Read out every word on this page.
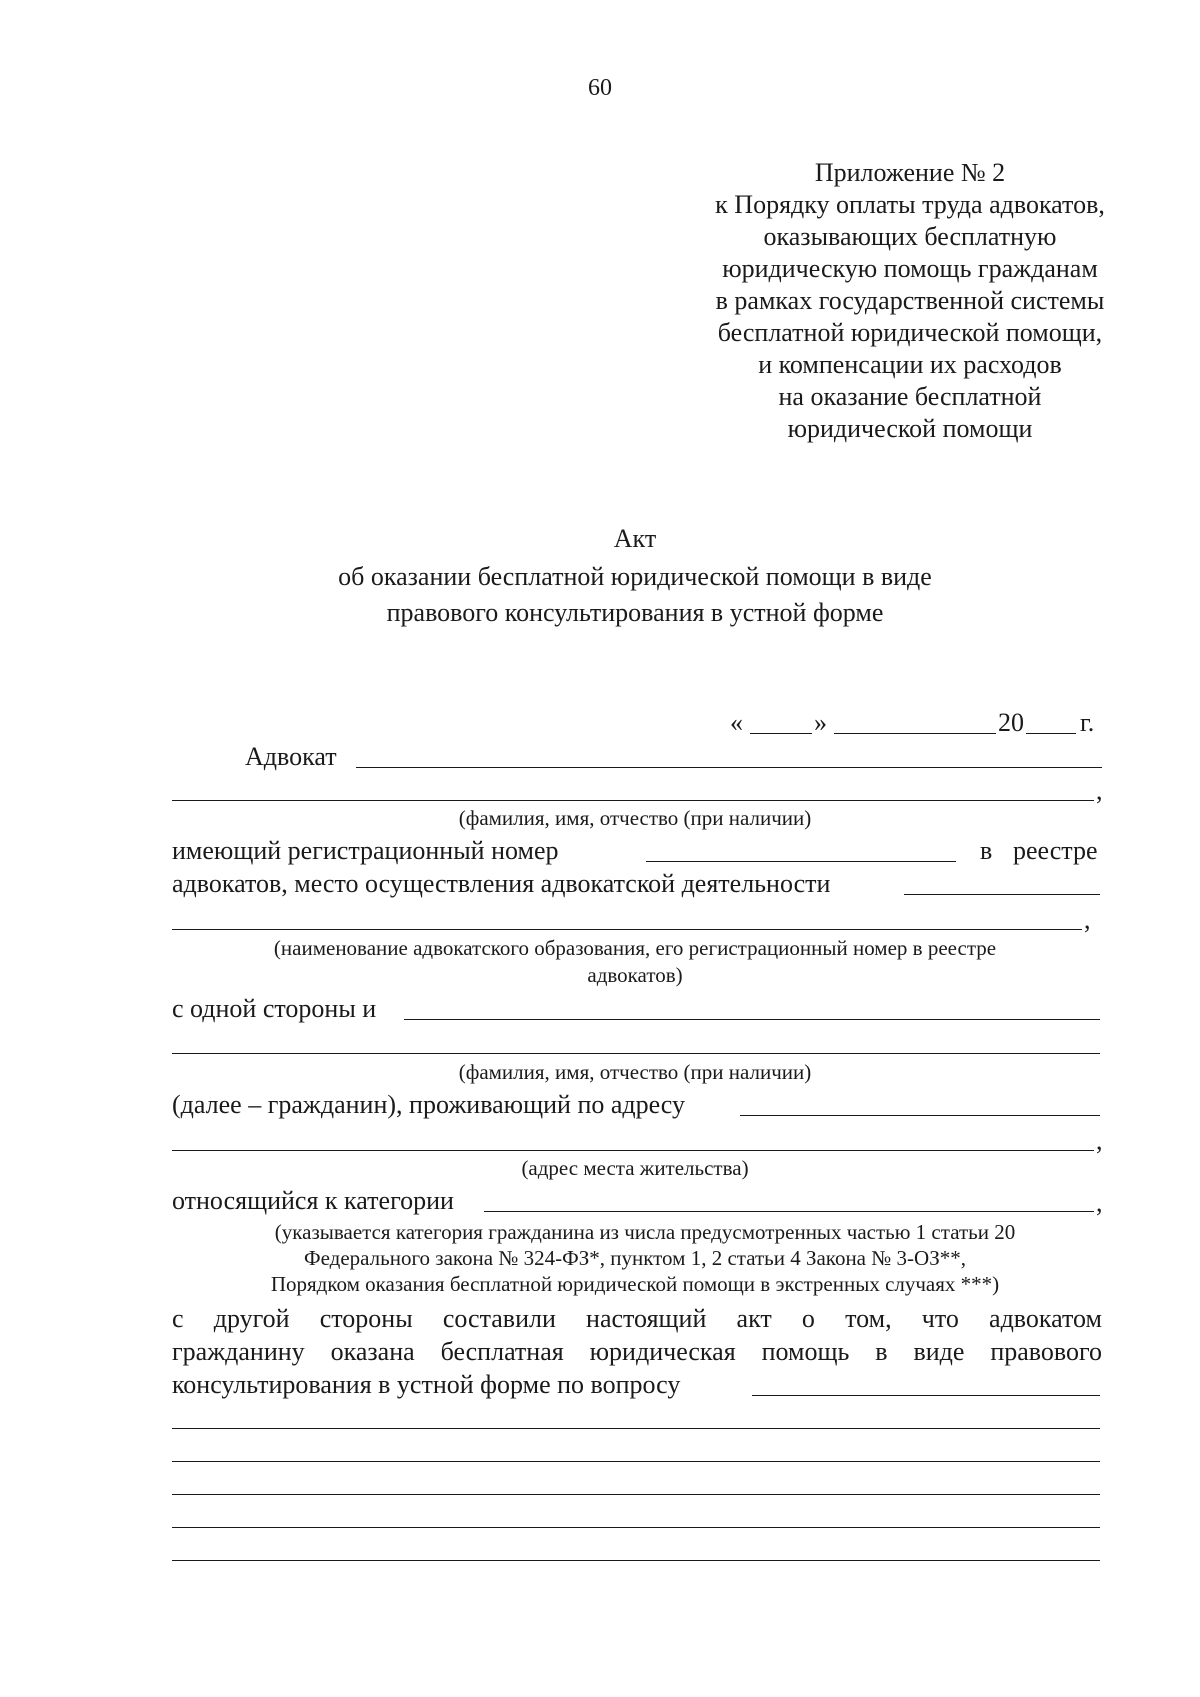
60
Приложение № 2
к Порядку оплаты труда адвокатов,
оказывающих бесплатную
юридическую помощь гражданам
в рамках государственной системы
бесплатной юридической помощи,
и компенсации их расходов
на оказание бесплатной
юридической помощи
Акт
об оказании бесплатной юридической помощи в виде
правового консультирования в устной форме
«	»	20 г.
Адвокат
,
(фамилия, имя, отчество (при наличии)
имеющий регистрационный номер	в реестре
адвокатов, место осуществления адвокатской деятельности
,
(наименование адвокатского образования, его регистрационный номер в реестре
адвокатов)
с одной стороны и
(фамилия, имя, отчество (при наличии)
(далее – гражданин), проживающий по адресу
,
(адрес места жительства)
относящийся к категории	,
(указывается категория гражданина из числа предусмотренных частью 1 статьи 20
Федерального закона № 324-ФЗ*, пунктом 1, 2 статьи 4 Закона № 3-ОЗ**,
Порядком оказания бесплатной юридической помощи в экстренных случаях ***)
с другой стороны составили настоящий акт о том, что адвокатом
гражданину оказана бесплатная юридическая помощь в виде правового
консультирования в устной форме по вопросу
